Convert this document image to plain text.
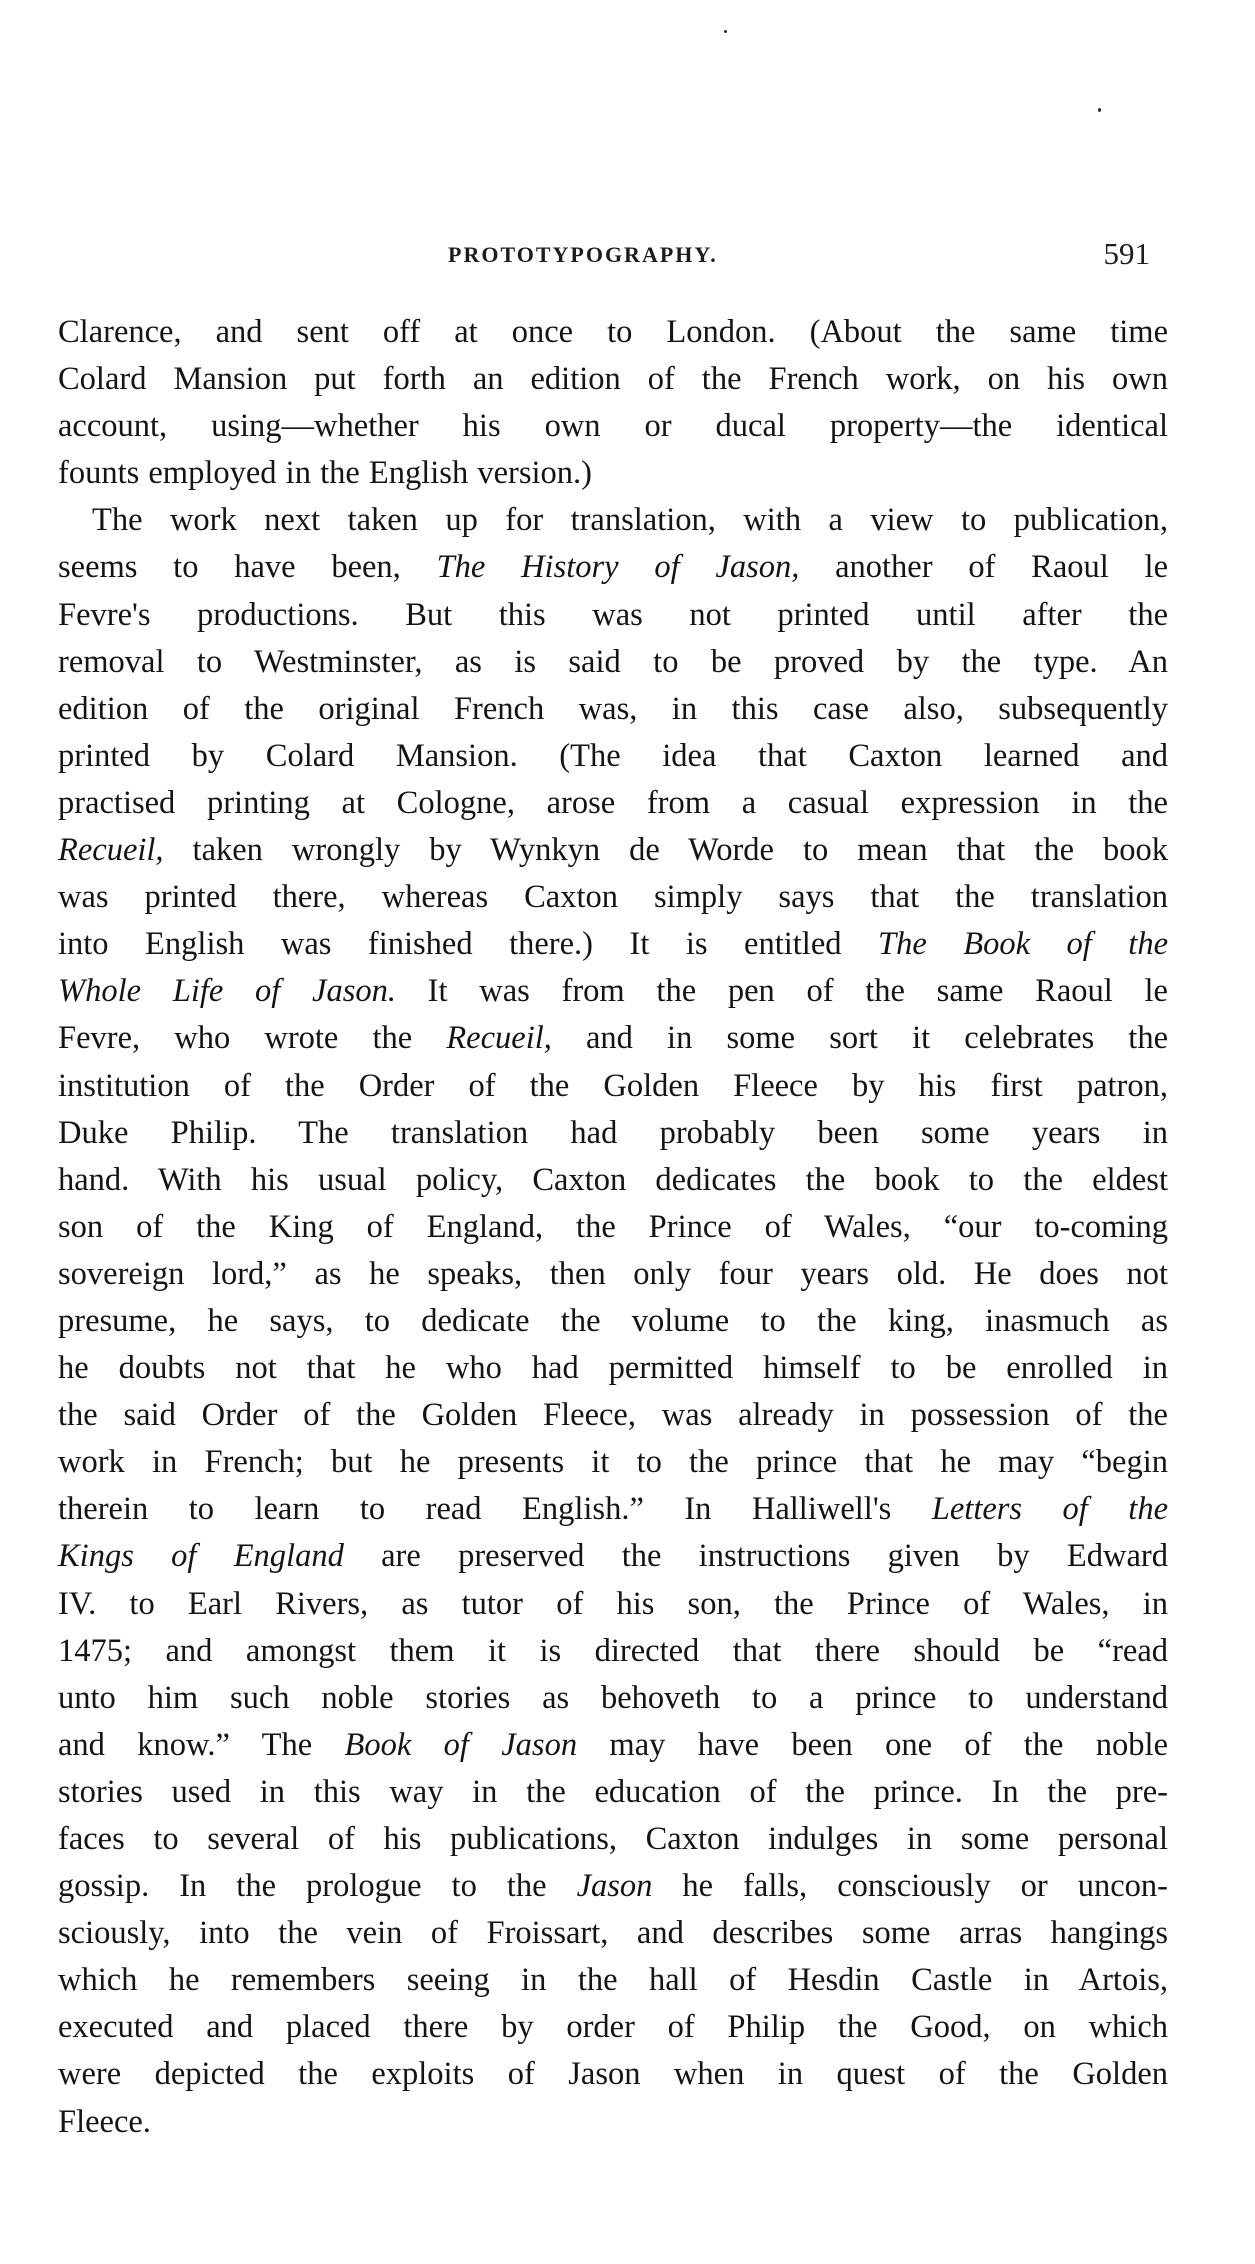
PROTOTYPOGRAPHY.	591
Clarence, and sent off at once to London. (About the same time
Colard Mansion put forth an edition of the French work, on his own
account, using—whether his own or ducal property—the identical
founts employed in the English version.)
The work next taken up for translation, with a view to publication,
seems to have been, The History of Jason, another of Raoul le
Fevre's productions. But this was not printed until after the
removal to Westminster, as is said to be proved by the type. An
edition of the original French was, in this case also, subsequently
printed by Colard Mansion. (The idea that Caxton learned and
practised printing at Cologne, arose from a casual expression in the
Recueil, taken wrongly by Wynkyn de Worde to mean that the book
was printed there, whereas Caxton simply says that the translation
into English was finished there.) It is entitled The Book of the
Whole Life of Jason. It was from the pen of the same Raoul le
Fevre, who wrote the Recueil, and in some sort it celebrates the
institution of the Order of the Golden Fleece by his first patron,
Duke Philip. The translation had probably been some years in
hand. With his usual policy, Caxton dedicates the book to the eldest
son of the King of England, the Prince of Wales, “our to-coming
sovereign lord,” as he speaks, then only four years old. He does not
presume, he says, to dedicate the volume to the king, inasmuch as
he doubts not that he who had permitted himself to be enrolled in
the said Order of the Golden Fleece, was already in possession of the
work in French; but he presents it to the prince that he may “begin
therein to learn to read English.” In Halliwell's Letters of the
Kings of England are preserved the instructions given by Edward
IV. to Earl Rivers, as tutor of his son, the Prince of Wales, in
1475; and amongst them it is directed that there should be “read
unto him such noble stories as behoveth to a prince to understand
and know.” The Book of Jason may have been one of the noble
stories used in this way in the education of the prince. In the pre-
faces to several of his publications, Caxton indulges in some personal
gossip. In the prologue to the Jason he falls, consciously or uncon-
sciously, into the vein of Froissart, and describes some arras hangings
which he remembers seeing in the hall of Hesdin Castle in Artois,
executed and placed there by order of Philip the Good, on which
were depicted the exploits of Jason when in quest of the Golden
Fleece.
